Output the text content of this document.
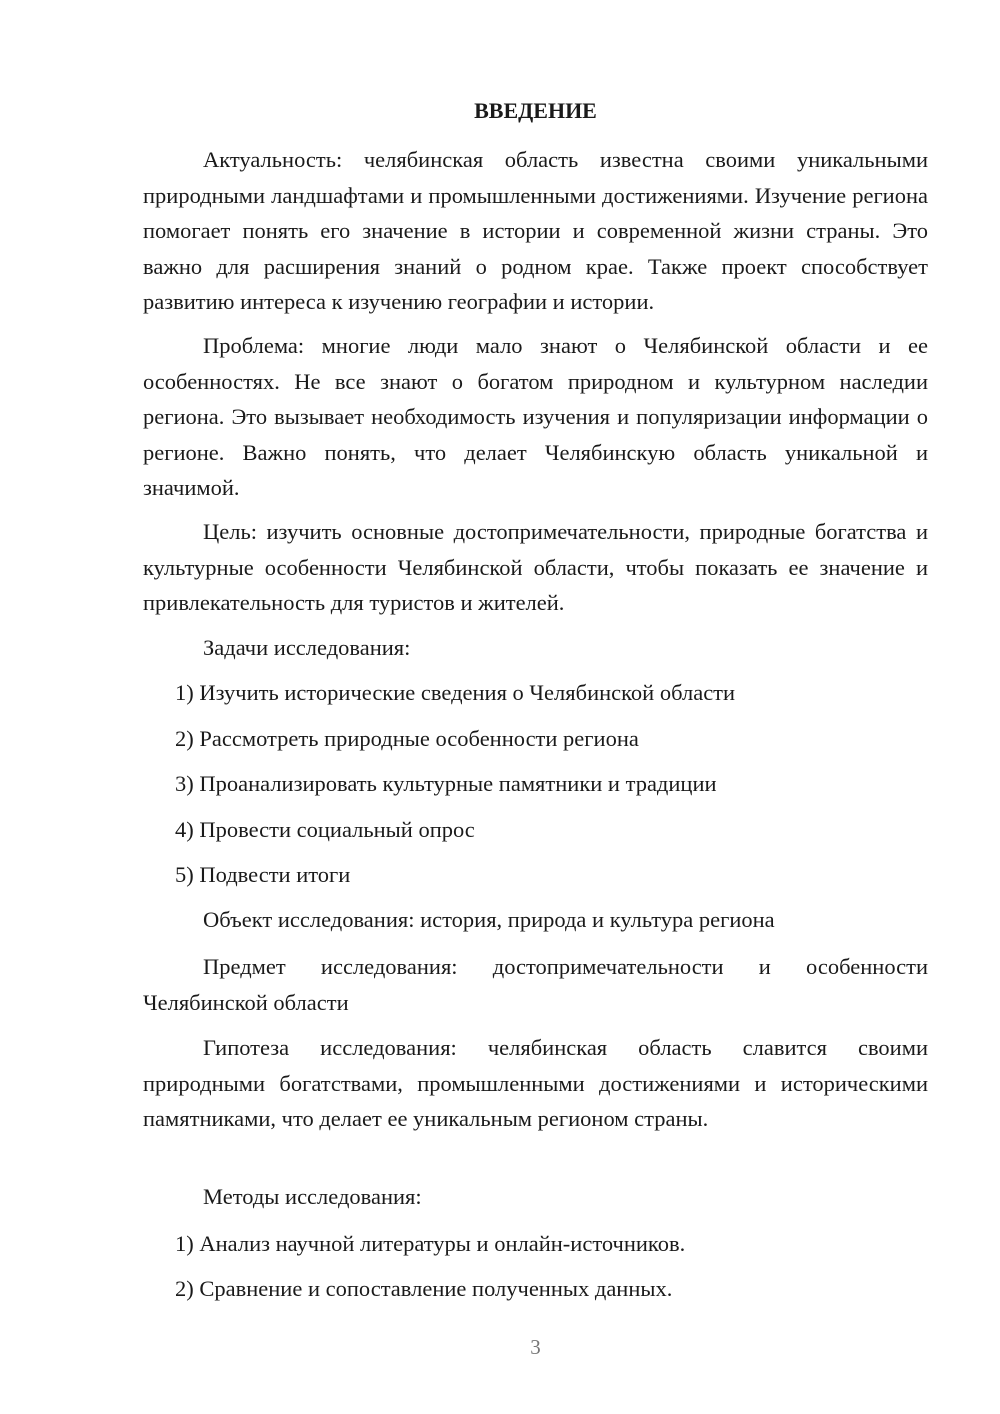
ВВЕДЕНИЕ

Актуальность: челябинская область известна своими уникальными природными ландшафтами и промышленными достижениями. Изучение региона помогает понять его значение в истории и современной жизни страны. Это важно для расширения знаний о родном крае. Также проект способствует развитию интереса к изучению географии и истории.

Проблема: многие люди мало знают о Челябинской области и ее особенностях. Не все знают о богатом природном и культурном наследии региона. Это вызывает необходимость изучения и популяризации информации о регионе. Важно понять, что делает Челябинскую область уникальной и значимой.

Цель: изучить основные достопримечательности, природные богатства и культурные особенности Челябинской области, чтобы показать ее значение и привлекательность для туристов и жителей.

Задачи исследования:

1) Изучить исторические сведения о Челябинской области

2) Рассмотреть природные особенности региона

3) Проанализировать культурные памятники и традиции

4) Провести социальный опрос

5) Подвести итоги

Объект исследования: история, природа и культура региона

Предмет исследования: достопримечательности и особенности Челябинской области

Гипотеза исследования: челябинская область славится своими природными богатствами, промышленными достижениями и историческими памятниками, что делает ее уникальным регионом страны.

Методы исследования:

1) Анализ научной литературы и онлайн-источников.

2) Сравнение и сопоставление полученных данных.

3
